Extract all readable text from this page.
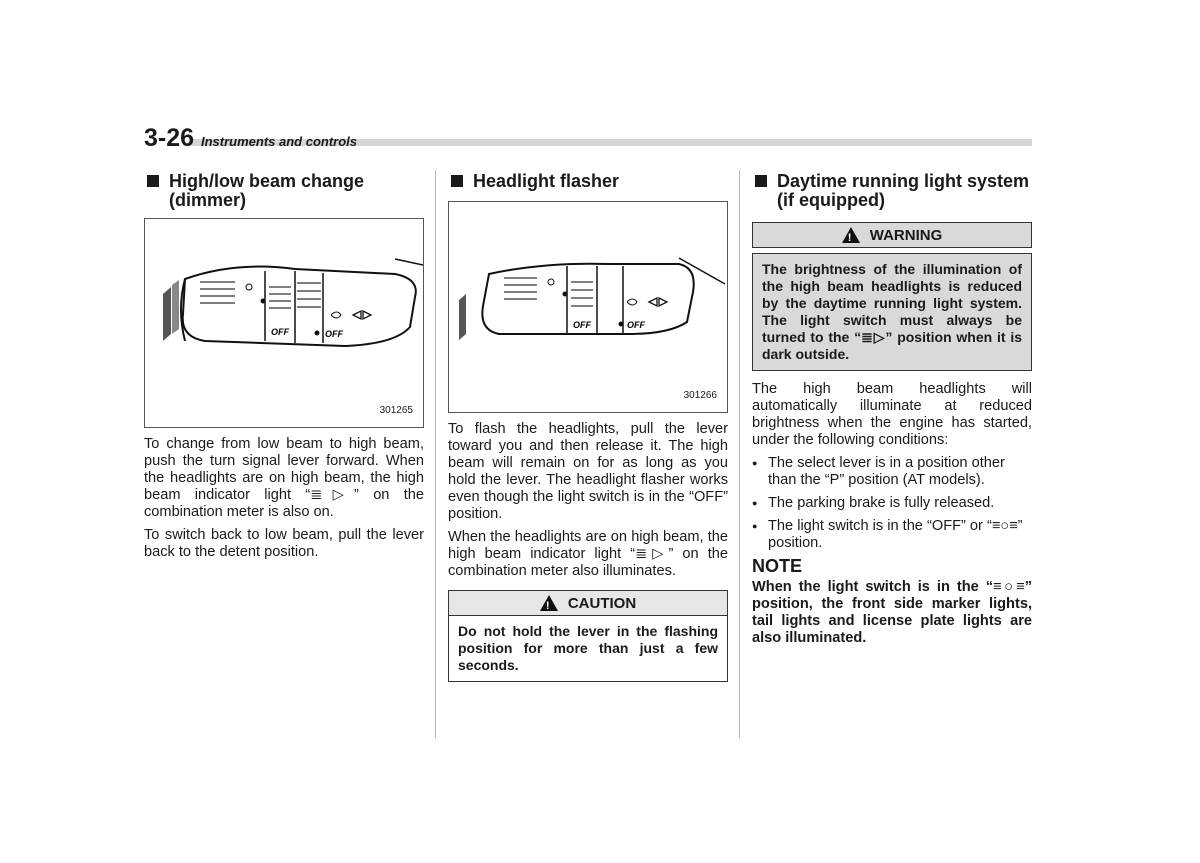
3-26 Instruments and controls
High/low beam change (dimmer)
OFF	OFF
301265

To change from low beam to high beam, push the turn signal lever forward. When the headlights are on high beam, the high beam indicator light “≣▷” on the combination meter is also on.

To switch back to low beam, pull the lever back to the detent position.

Headlight flasher
OFF	OFF
301266

To flash the headlights, pull the lever toward you and then release it. The high beam will remain on for as long as you hold the lever. The headlight flasher works even though the light switch is in the “OFF” position.

When the headlights are on high beam, the high beam indicator light “≣▷” on the combination meter also illuminates.

! CAUTION
Do not hold the lever in the flashing position for more than just a few seconds.
Daytime running light system (if equipped)
! WARNING
The brightness of the illumination of the high beam headlights is reduced by the daytime running light system. The light switch must always be turned to the “≣▷” position when it is dark outside.

The high beam headlights will automatically illuminate at reduced brightness when the engine has started, under the following conditions:

● The select lever is in a position other than the “P” position (AT models).
● The parking brake is fully released.
● The light switch is in the “OFF” or “≡○≡” position.
NOTE
When the light switch is in the “≡○≡” position, the front side marker lights, tail lights and license plate lights are also illuminated.
